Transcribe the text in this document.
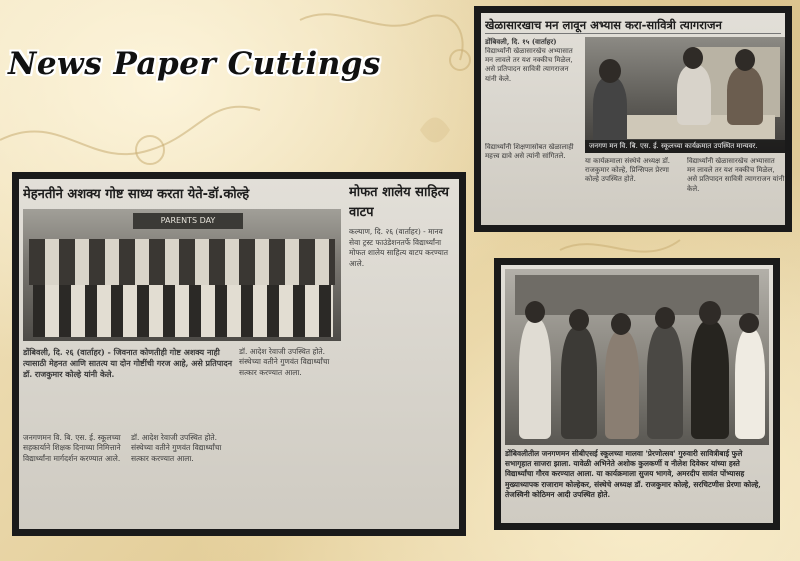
News Paper Cuttings
खेळासारखाच मन लावून अभ्यास करा-सावित्री त्यागराजन

डोंबिवली, दि. १५ (वार्ताहर)

विद्यार्थ्यांनी खेळासारखेच अभ्यासात मन लावले तर यश नक्कीच मिळेल, असे प्रतिपादन सावित्री त्यागराजन यांनी केले.

जनगण मन वि. बि. एस. ई. स्कूलच्या कार्यक्रमात उपस्थित मान्यवर.

विद्यार्थ्यांनी शिक्षणासोबत खेळालाही महत्त्व द्यावे असे त्यांनी सांगितले.

या कार्यक्रमाला संस्थेचे अध्यक्ष डॉ. राजकुमार कोल्हे, प्रिन्सिपल प्रेरणा कोल्हे उपस्थित होते.

विद्यार्थ्यांनी खेळासारखेच अभ्यासात मन लावले तर यश नक्कीच मिळेल, असे प्रतिपादन सावित्री त्यागराजन यांनी केले.

मेहनतीने अशक्य गोष्ट साध्य करता येते-डॉ.कोल्हे	मोफत शालेय साहित्य वाटप

कल्याण, दि. २६ (वार्ताहर) - मानव सेवा ट्रस्ट फाउंडेशनतर्फे विद्यार्थ्यांना मोफत शालेय साहित्य वाटप करण्यात आले.

PARENTS DAY

डोंबिवली, दि. २६ (वार्ताहर) - जिवनात कोणतीही गोष्ट अशक्य नाही त्यासाठी मेहनत आणि सातत्य या दोन गोष्टींची गरज आहे, असे प्रतिपादन डॉ. राजकुमार कोल्हे यांनी केले.

जनगणमन वि. बि. एस. ई. स्कूलच्या सहकार्याने शिक्षक दिनाच्या निमित्ताने विद्यार्थ्यांना मार्गदर्शन करण्यात आले.

डॉ. आदेश रेवाजी उपस्थित होते. संस्थेच्या वतीने गुणवंत विद्यार्थ्यांचा सत्कार करण्यात आला.

डॉ. आदेश रेवाजी उपस्थित होते. संस्थेच्या वतीने गुणवंत विद्यार्थ्यांचा सत्कार करण्यात आला.

डोंबिवलीतील जनगणमन सीबीएसई स्कूलच्या मालवा 'प्रेरणोत्सव' गुरुवारी सावित्रीबाई फुले सभागृहात साजरा झाला. यावेळी अभिनेते अशोक कुलकर्णी व नीलेश दिवेकर यांच्या हस्ते विद्यार्थ्यांचा गौरव करण्यात आला. या कार्यक्रमाला सुजय भागवे, अमरदीप सावंत पोंभ्यासह मुख्याध्यापक राजाराम कोल्हेकर, संस्थेचे अध्यक्ष डॉ. राजकुमार कोल्हे, सरचिटणीस प्रेरणा कोल्हे, तेजस्विनी कोठिमन आदी उपस्थित होते.
